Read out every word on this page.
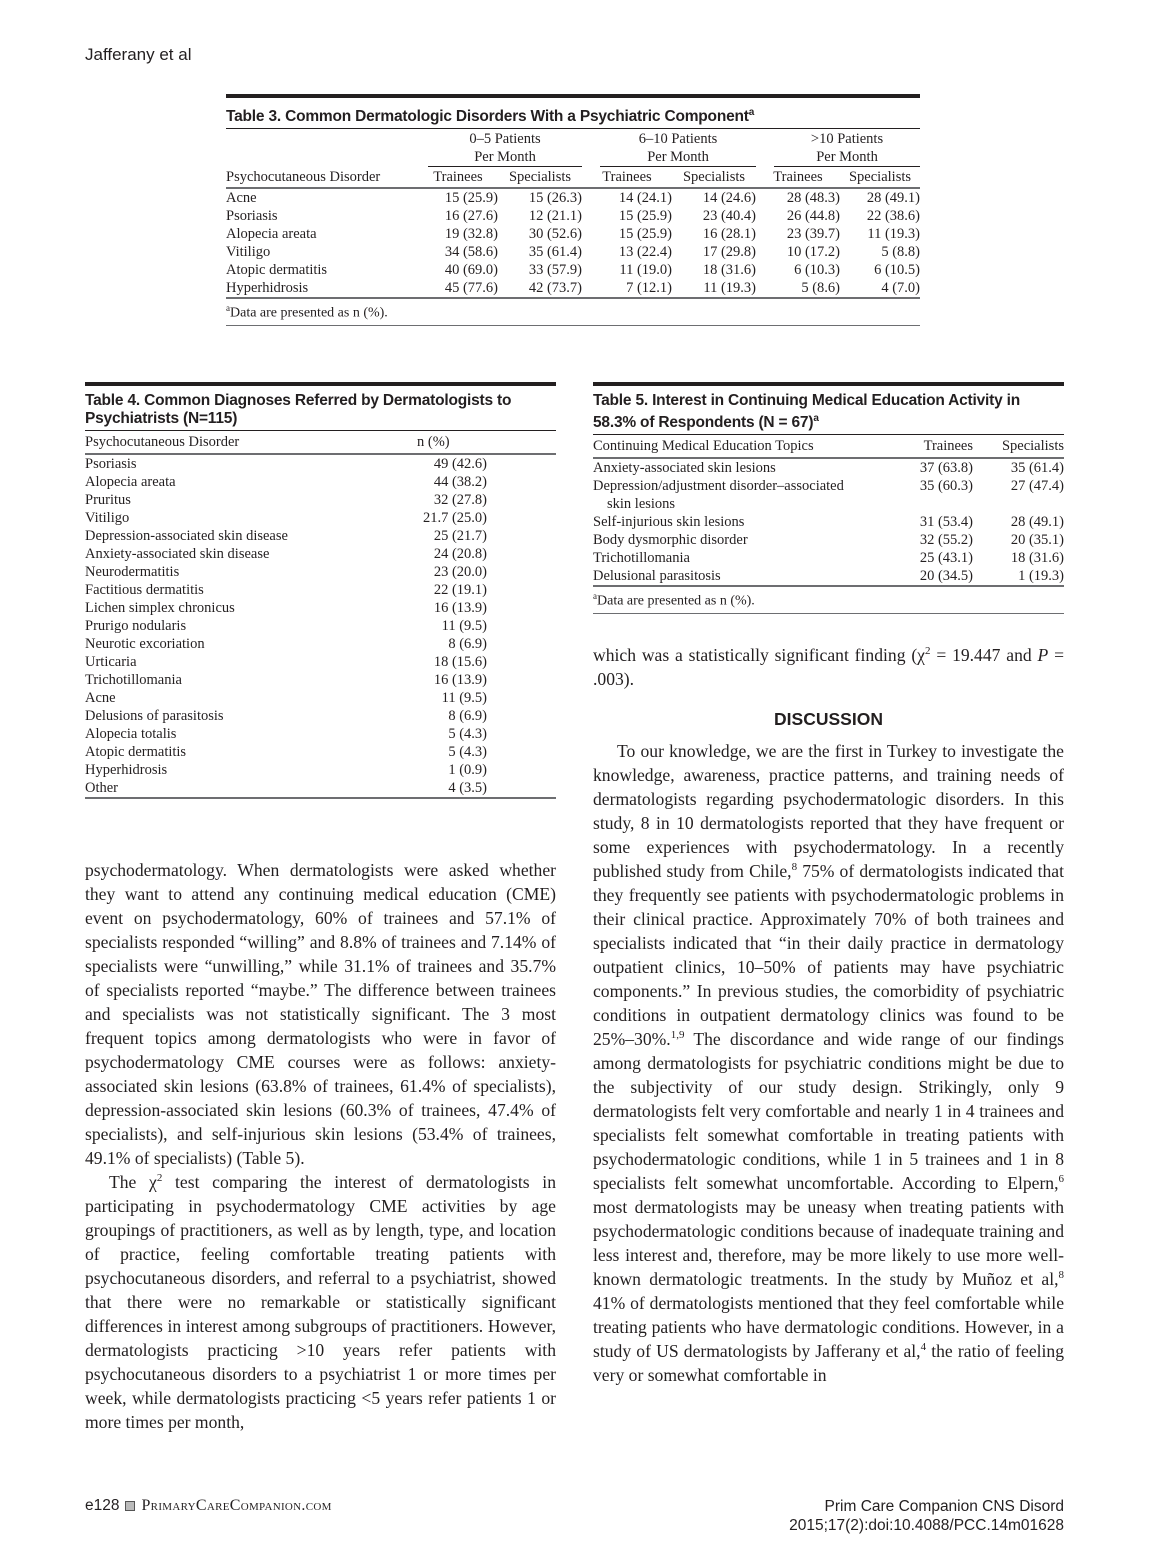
Jafferany et al
Table 3. Common Dermatologic Disorders With a Psychiatric Component$^a$

0–5 Patients
Per Month

6–10 Patients
Per Month

>10 Patients
Per Month

Psychocutaneous Disorder	Trainees	Specialists	Trainees	Specialists	Trainees	Specialists
Acne	15 (25.9)	15 (26.3)	14 (24.1)	14 (24.6)	28 (48.3)	28 (49.1)
Psoriasis	16 (27.6)	12 (21.1)	15 (25.9)	23 (40.4)	26 (44.8)	22 (38.6)
Alopecia areata	19 (32.8)	30 (52.6)	15 (25.9)	16 (28.1)	23 (39.7)	11 (19.3)
Vitiligo	34 (58.6)	35 (61.4)	13 (22.4)	17 (29.8)	10 (17.2)	5 (8.8)
Atopic dermatitis	40 (69.0)	33 (57.9)	11 (19.0)	18 (31.6)	6 (10.3)	6 (10.5)
Hyperhidrosis	45 (77.6)	42 (73.7)	7 (12.1)	11 (19.3)	5 (8.6)	4 (7.0)
$^a$Data are presented as n (%).
Table 4. Common Diagnoses Referred by Dermatologists to Psychiatrists (N=115)
Psychocutaneous Disorder	n (%)
Psoriasis	49 (42.6)
Alopecia areata	44 (38.2)
Pruritus	32 (27.8)
Vitiligo	21.7 (25.0)
Depression-associated skin disease	25 (21.7)
Anxiety-associated skin disease	24 (20.8)
Neurodermatitis	23 (20.0)
Factitious dermatitis	22 (19.1)
Lichen simplex chronicus	16 (13.9)
Prurigo nodularis	11 (9.5)
Neurotic excoriation	8 (6.9)
Urticaria	18 (15.6)
Trichotillomania	16 (13.9)
Acne	11 (9.5)
Delusions of parasitosis	8 (6.9)
Alopecia totalis	5 (4.3)
Atopic dermatitis	5 (4.3)
Hyperhidrosis	1 (0.9)
Other	4 (3.5)
Table 5. Interest in Continuing Medical Education Activity in 58.3% of Respondents (N = 67)$^a$
Continuing Medical Education Topics	Trainees	Specialists

Anxiety-associated skin lesions	37 (63.8)	35 (61.4)

Depression/adjustment disorder–associated
skin lesions	35 (60.3)	27 (47.4)

Self-injurious skin lesions	31 (53.4)	28 (49.1)

Body dysmorphic disorder	32 (55.2)	20 (35.1)

Trichotillomania	25 (43.1)	18 (31.6)

Delusional parasitosis	20 (34.5)	1 (19.3)
$^a$Data are presented as n (%).

psychodermatology. When dermatologists were asked whether they want to attend any continuing medical education (CME) event on psychodermatology, 60% of trainees and 57.1% of specialists responded “willing” and 8.8% of trainees and 7.14% of specialists were “unwilling,” while 31.1% of trainees and 35.7% of specialists reported “maybe.” The difference between trainees and specialists was not statistically significant. The 3 most frequent topics among dermatologists who were in favor of psychodermatology CME courses were as follows: anxiety-associated skin lesions (63.8% of trainees, 61.4% of specialists), depression-associated skin lesions (60.3% of trainees, 47.4% of specialists), and self-injurious skin lesions (53.4% of trainees, 49.1% of specialists) (Table 5).

The χ$^2$ test comparing the interest of dermatologists in participating in psychodermatology CME activities by age groupings of practitioners, as well as by length, type, and location of practice, feeling comfortable treating patients with psychocutaneous disorders, and referral to a psychiatrist, showed that there were no remarkable or statistically significant differences in interest among subgroups of practitioners. However, dermatologists practicing >10 years refer patients with psychocutaneous disorders to a psychiatrist 1 or more times per week, while dermatologists practicing <5 years refer patients 1 or more times per month,

which was a statistically significant finding (χ$^2$ = 19.447 and P = .003).

DISCUSSION

To our knowledge, we are the first in Turkey to investigate the knowledge, awareness, practice patterns, and training needs of dermatologists regarding psychodermatologic disorders. In this study, 8 in 10 dermatologists reported that they have frequent or some experiences with psychodermatology. In a recently published study from Chile,$^8$ 75% of dermatologists indicated that they frequently see patients with psychodermatologic problems in their clinical practice. Approximately 70% of both trainees and specialists indicated that “in their daily practice in dermatology outpatient clinics, 10–50% of patients may have psychiatric components.” In previous studies, the comorbidity of psychiatric conditions in outpatient dermatology clinics was found to be 25%–30%.$^{1,9}$ The discordance and wide range of our findings among dermatologists for psychiatric conditions might be due to the subjectivity of our study design. Strikingly, only 9 dermatologists felt very comfortable and nearly 1 in 4 trainees and specialists felt somewhat comfortable in treating patients with psychodermatologic conditions, while 1 in 5 trainees and 1 in 8 specialists felt somewhat uncomfortable. According to Elpern,$^6$ most dermatologists may be uneasy when treating patients with psychodermatologic conditions because of inadequate training and less interest and, therefore, may be more likely to use more well-known dermatologic treatments. In the study by Muñoz et al,$^8$ 41% of dermatologists mentioned that they feel comfortable while treating patients who have dermatologic conditions. However, in a study of US dermatologists by Jafferany et al,$^4$ the ratio of feeling very or somewhat comfortable in

e128 PrimaryCareCompanion.com	Prim Care Companion CNS Disord
2015;17(2):doi:10.4088/PCC.14m01628
